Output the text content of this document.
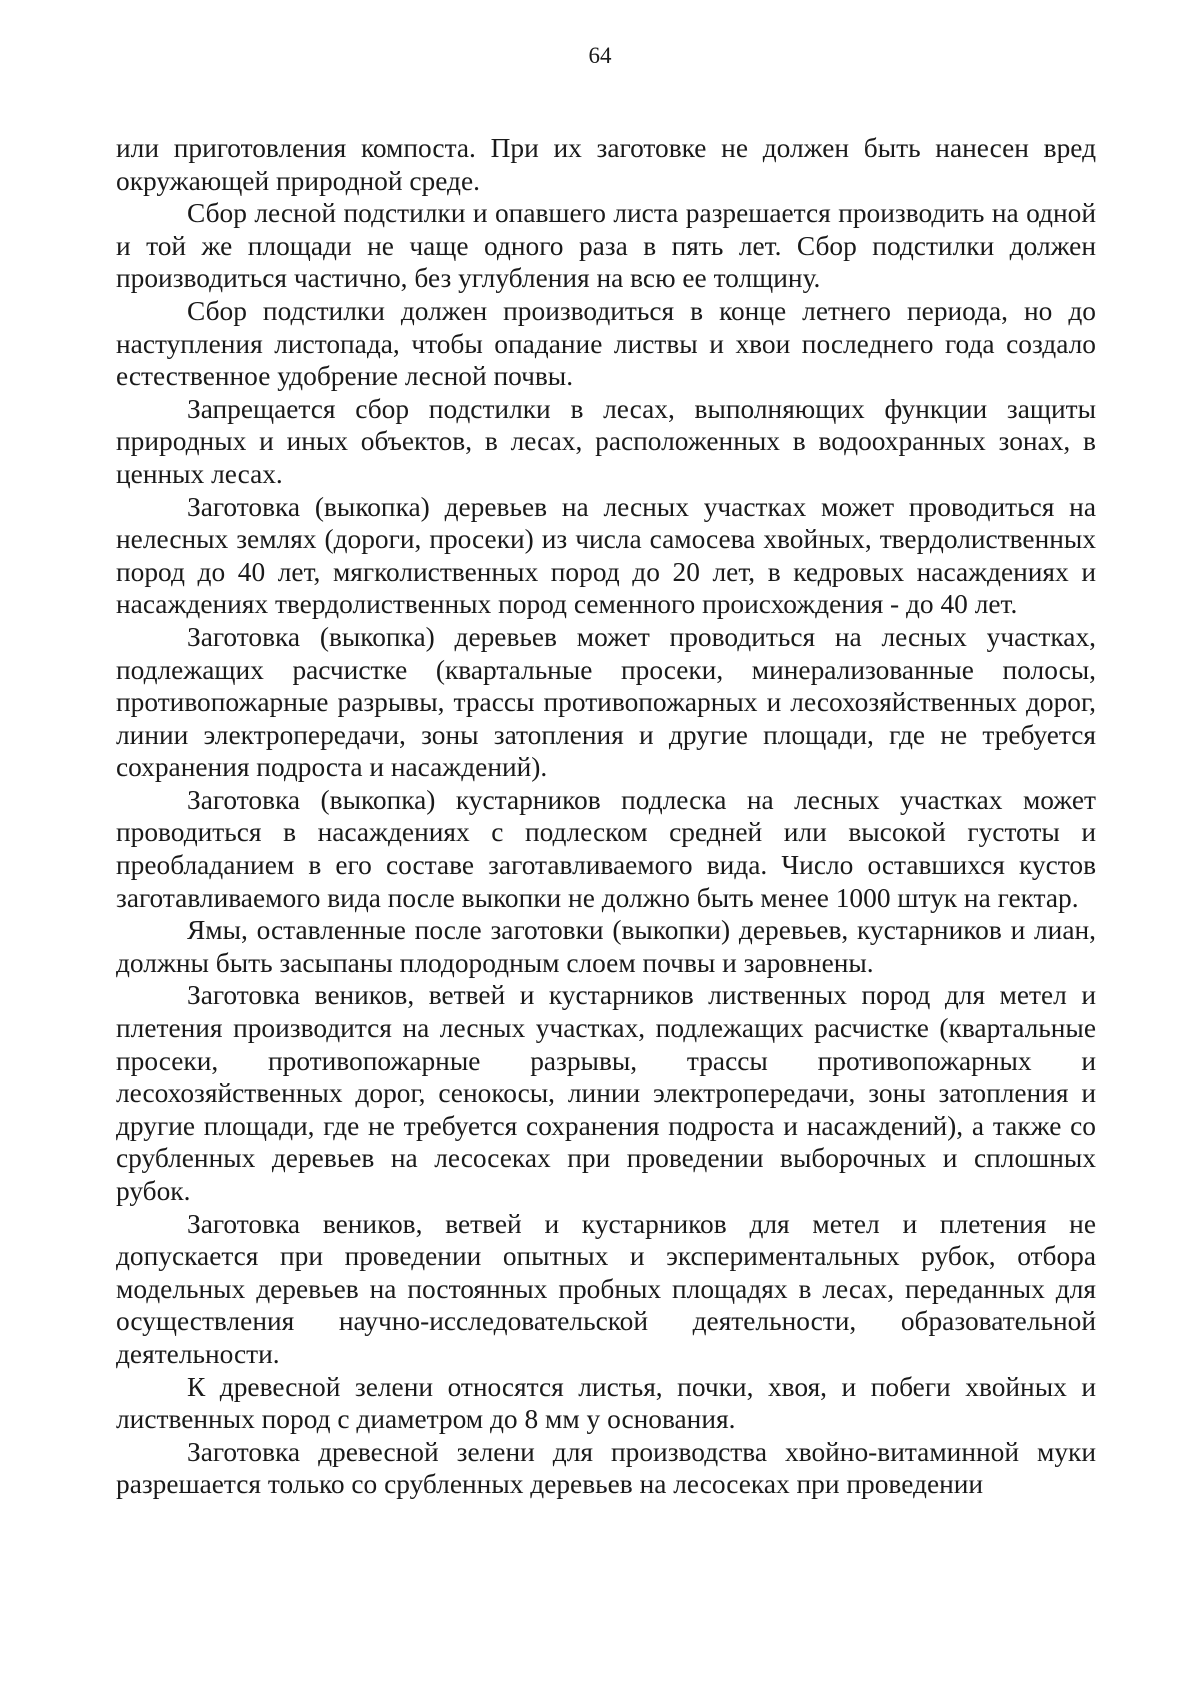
64

или приготовления компоста. При их заготовке не должен быть нанесен вред окружающей природной среде.

Сбор лесной подстилки и опавшего листа разрешается производить на одной и той же площади не чаще одного раза в пять лет. Сбор подстилки должен производиться частично, без углубления на всю ее толщину.

Сбор подстилки должен производиться в конце летнего периода, но до наступления листопада, чтобы опадание листвы и хвои последнего года создало естественное удобрение лесной почвы.

Запрещается сбор подстилки в лесах, выполняющих функции защиты природных и иных объектов, в лесах, расположенных в водоохранных зонах, в ценных лесах.

Заготовка (выкопка) деревьев на лесных участках может проводиться на нелесных землях (дороги, просеки) из числа самосева хвойных, твердолиственных пород до 40 лет, мягколиственных пород до 20 лет, в кедровых насаждениях и насаждениях твердолиственных пород семенного происхождения - до 40 лет.

Заготовка (выкопка) деревьев может проводиться на лесных участках, подлежащих расчистке (квартальные просеки, минерализованные полосы, противопожарные разрывы, трассы противопожарных и лесохозяйственных дорог, линии электропередачи, зоны затопления и другие площади, где не требуется сохранения подроста и насаждений).

Заготовка (выкопка) кустарников подлеска на лесных участках может проводиться в насаждениях с подлеском средней или высокой густоты и преобладанием в его составе заготавливаемого вида. Число оставшихся кустов заготавливаемого вида после выкопки не должно быть менее 1000 штук на гектар.

Ямы, оставленные после заготовки (выкопки) деревьев, кустарников и лиан, должны быть засыпаны плодородным слоем почвы и заровнены.

Заготовка веников, ветвей и кустарников лиственных пород для метел и плетения производится на лесных участках, подлежащих расчистке (квартальные просеки, противопожарные разрывы, трассы противопожарных и лесохозяйственных дорог, сенокосы, линии электропередачи, зоны затопления и другие площади, где не требуется сохранения подроста и насаждений), а также со срубленных деревьев на лесосеках при проведении выборочных и сплошных рубок.

Заготовка веников, ветвей и кустарников для метел и плетения не допускается при проведении опытных и экспериментальных рубок, отбора модельных деревьев на постоянных пробных площадях в лесах, переданных для осуществления научно-исследовательской деятельности, образовательной деятельности.

К древесной зелени относятся листья, почки, хвоя, и побеги хвойных и лиственных пород с диаметром до 8 мм у основания.

Заготовка древесной зелени для производства хвойно-витаминной муки разрешается только со срубленных деревьев на лесосеках при проведении
